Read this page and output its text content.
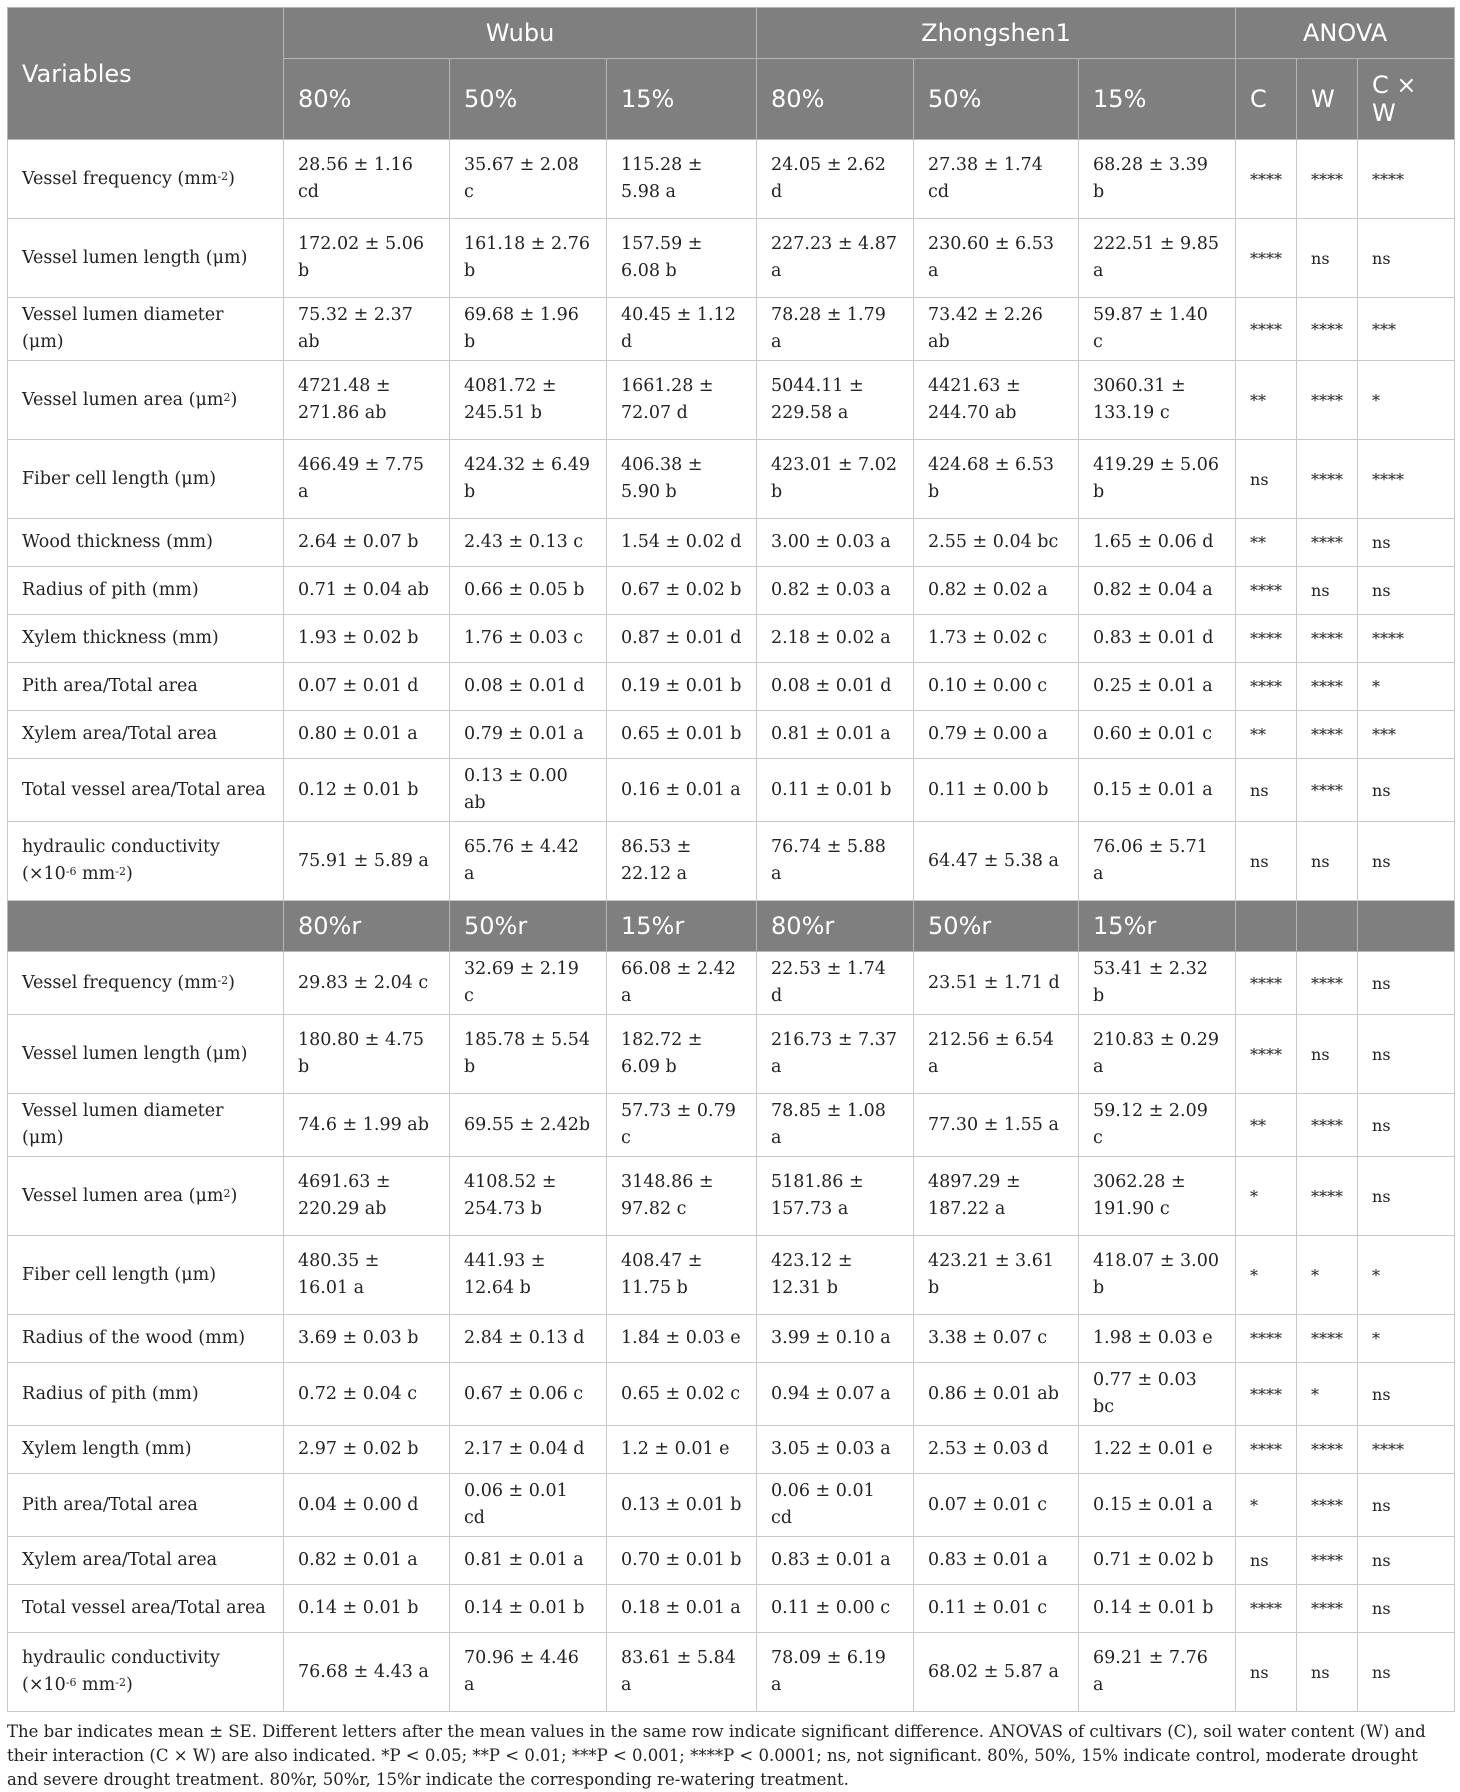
Variables	Wubu			Zhongshen1			ANOVA		
	80%	50%	15%	80%	50%	15%	C	W	C × W
Vessel frequency $(mm^{-2})$	28.56 ± 1.16 cd	35.67 ± 2.08 c	115.28 ± 5.98 a	24.05 ± 2.62 d	27.38 ± 1.74 cd	68.28 ± 3.39 b	****	****	****
Vessel lumen length (μm)	172.02 ± 5.06 b	161.18 ± 2.76 b	157.59 ± 6.08 b	227.23 ± 4.87 a	230.60 ± 6.53 a	222.51 ± 9.85 a	****	ns	ns
Vessel lumen diameter (μm)	75.32 ± 2.37 ab	69.68 ± 1.96 b	40.45 ± 1.12 d	78.28 ± 1.79 a	73.42 ± 2.26 ab	59.87 ± 1.40 c	****	****	***
Vessel lumen area $(\mu m^2)$	4721.48 ± 271.86 ab	4081.72 ± 245.51 b	1661.28 ± 72.07 d	5044.11 ± 229.58 a	4421.63 ± 244.70 ab	3060.31 ± 133.19 c	**	****	*
Fiber cell length (μm)	466.49 ± 7.75 a	424.32 ± 6.49 b	406.38 ± 5.90 b	423.01 ± 7.02 b	424.68 ± 6.53 b	419.29 ± 5.06 b	ns	****	****
Wood thickness (mm)	2.64 ± 0.07 b	2.43 ± 0.13 c	1.54 ± 0.02 d	3.00 ± 0.03 a	2.55 ± 0.04 bc	1.65 ± 0.06 d	**	****	ns
Radius of pith (mm)	0.71 ± 0.04 ab	0.66 ± 0.05 b	0.67 ± 0.02 b	0.82 ± 0.03 a	0.82 ± 0.02 a	0.82 ± 0.04 a	****	ns	ns
Xylem thickness (mm)	1.93 ± 0.02 b	1.76 ± 0.03 c	0.87 ± 0.01 d	2.18 ± 0.02 a	1.73 ± 0.02 c	0.83 ± 0.01 d	****	****	****
Pith area/Total area	0.07 ± 0.01 d	0.08 ± 0.01 d	0.19 ± 0.01 b	0.08 ± 0.01 d	0.10 ± 0.00 c	0.25 ± 0.01 a	****	****	*
Xylem area/Total area	0.80 ± 0.01 a	0.79 ± 0.01 a	0.65 ± 0.01 b	0.81 ± 0.01 a	0.79 ± 0.00 a	0.60 ± 0.01 c	**	****	***
Total vessel area/Total area	0.12 ± 0.01 b	0.13 ± 0.00 ab	0.16 ± 0.01 a	0.11 ± 0.01 b	0.11 ± 0.00 b	0.15 ± 0.01 a	ns	****	ns
hydraulic conductivity ($\times 10^{-6}$ $mm^{-2}$)	75.91 ± 5.89 a	65.76 ± 4.42 a	86.53 ± 22.12 a	76.74 ± 5.88 a	64.47 ± 5.38 a	76.06 ± 5.71 a	ns	ns	ns
	80%r	50%r	15%r	80%r	50%r	15%r			
Vessel frequency $(mm^{-2})$	29.83 ± 2.04 c	32.69 ± 2.19 c	66.08 ± 2.42 a	22.53 ± 1.74 d	23.51 ± 1.71 d	53.41 ± 2.32 b	****	****	ns
Vessel lumen length (μm)	180.80 ± 4.75 b	185.78 ± 5.54 b	182.72 ± 6.09 b	216.73 ± 7.37 a	212.56 ± 6.54 a	210.83 ± 0.29 a	****	ns	ns
Vessel lumen diameter (μm)	74.6 ± 1.99 ab	69.55 ± 2.42b	57.73 ± 0.79 c	78.85 ± 1.08 a	77.30 ± 1.55 a	59.12 ± 2.09 c	**	****	ns
Vessel lumen area $(\mu m^2)$	4691.63 ± 220.29 ab	4108.52 ± 254.73 b	3148.86 ± 97.82 c	5181.86 ± 157.73 a	4897.29 ± 187.22 a	3062.28 ± 191.90 c	*	****	ns
Fiber cell length (μm)	480.35 ± 16.01 a	441.93 ± 12.64 b	408.47 ± 11.75 b	423.12 ± 12.31 b	423.21 ± 3.61 b	418.07 ± 3.00 b	*	*	*
Radius of the wood (mm)	3.69 ± 0.03 b	2.84 ± 0.13 d	1.84 ± 0.03 e	3.99 ± 0.10 a	3.38 ± 0.07 c	1.98 ± 0.03 e	****	****	*
Radius of pith (mm)	0.72 ± 0.04 c	0.67 ± 0.06 c	0.65 ± 0.02 c	0.94 ± 0.07 a	0.86 ± 0.01 ab	0.77 ± 0.03 bc	****	*	ns
Xylem length (mm)	2.97 ± 0.02 b	2.17 ± 0.04 d	1.2 ± 0.01 e	3.05 ± 0.03 a	2.53 ± 0.03 d	1.22 ± 0.01 e	****	****	****
Pith area/Total area	0.04 ± 0.00 d	0.06 ± 0.01 cd	0.13 ± 0.01 b	0.06 ± 0.01 cd	0.07 ± 0.01 c	0.15 ± 0.01 a	*	****	ns
Xylem area/Total area	0.82 ± 0.01 a	0.81 ± 0.01 a	0.70 ± 0.01 b	0.83 ± 0.01 a	0.83 ± 0.01 a	0.71 ± 0.02 b	ns	****	ns
Total vessel area/Total area	0.14 ± 0.01 b	0.14 ± 0.01 b	0.18 ± 0.01 a	0.11 ± 0.00 c	0.11 ± 0.01 c	0.14 ± 0.01 b	****	****	ns
hydraulic conductivity ($\times 10^{-6}$ $mm^{-2}$)	76.68 ± 4.43 a	70.96 ± 4.46 a	83.61 ± 5.84 a	78.09 ± 6.19 a	68.02 ± 5.87 a	69.21 ± 7.76 a	ns	ns	ns

The bar indicates mean ± SE. Different letters after the mean values in the same row indicate significant difference. ANOVAS of cultivars (C), soil water content (W) and their interaction (C × W) are also indicated. *P < 0.05; **P < 0.01; ***P < 0.001; ****P < 0.0001; ns, not significant. 80%, 50%, 15% indicate control, moderate drought and severe drought treatment. 80%r, 50%r, 15%r indicate the corresponding re-watering treatment.
